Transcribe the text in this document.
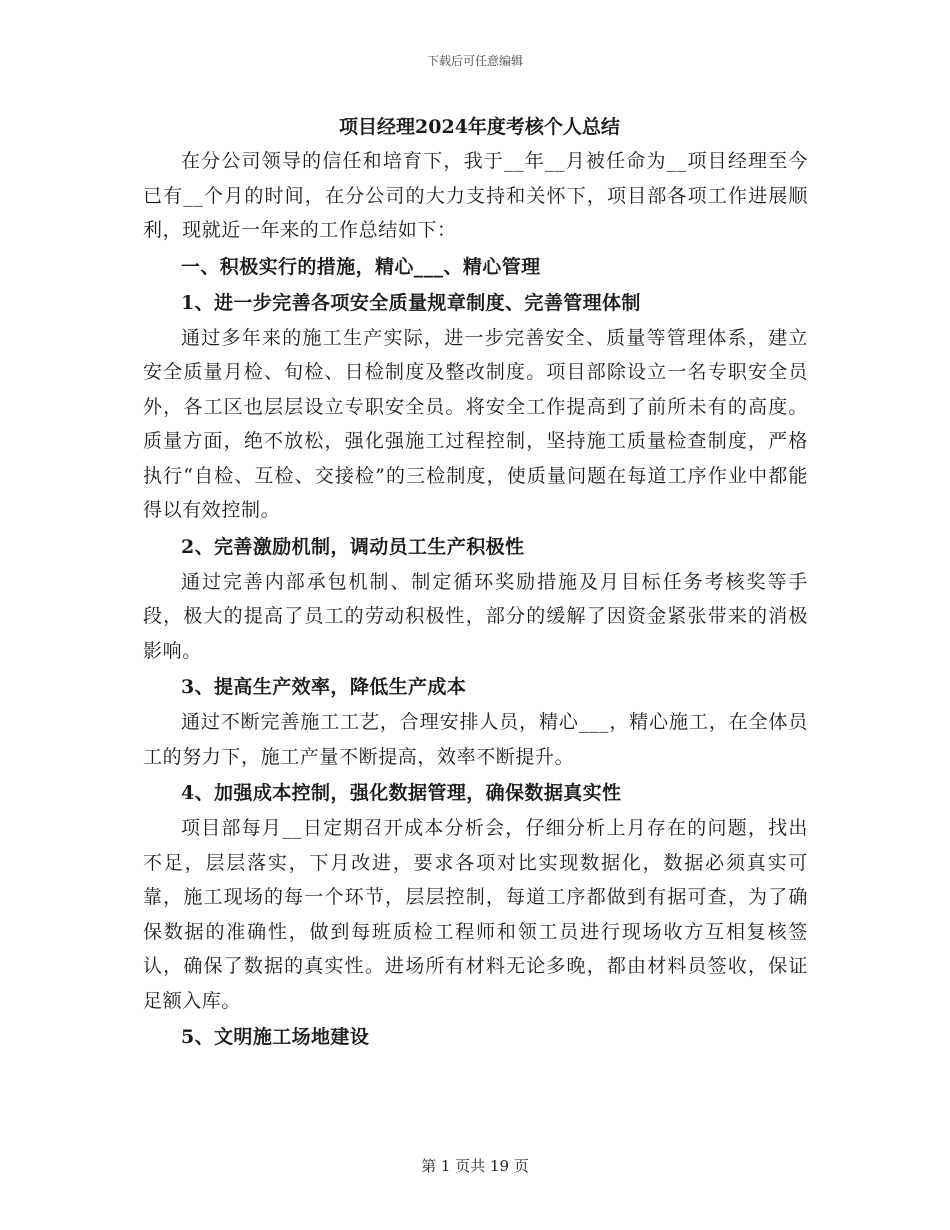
下载后可任意编辑
项目经理2024年度考核个人总结

在分公司领导的信任和培育下，我于__年__月被任命为__项目经理至今已有__个月的时间，在分公司的大力支持和关怀下，项目部各项工作进展顺利，现就近一年来的工作总结如下：

一、积极实行的措施，精心___、精心管理

1、进一步完善各项安全质量规章制度、完善管理体制

通过多年来的施工生产实际，进一步完善安全、质量等管理体系，建立安全质量月检、旬检、日检制度及整改制度。项目部除设立一名专职安全员外，各工区也层层设立专职安全员。将安全工作提高到了前所未有的高度。质量方面，绝不放松，强化强施工过程控制，坚持施工质量检查制度，严格执行“自检、互检、交接检”的三检制度，使质量问题在每道工序作业中都能得以有效控制。

2、完善激励机制，调动员工生产积极性

通过完善内部承包机制、制定循环奖励措施及月目标任务考核奖等手段，极大的提高了员工的劳动积极性，部分的缓解了因资金紧张带来的消极影响。

3、提高生产效率，降低生产成本

通过不断完善施工工艺，合理安排人员，精心___，精心施工，在全体员工的努力下，施工产量不断提高，效率不断提升。

4、加强成本控制，强化数据管理，确保数据真实性

项目部每月__日定期召开成本分析会，仔细分析上月存在的问题，找出不足，层层落实，下月改进，要求各项对比实现数据化，数据必须真实可靠，施工现场的每一个环节，层层控制，每道工序都做到有据可查，为了确保数据的准确性，做到每班质检工程师和领工员进行现场收方互相复核签认，确保了数据的真实性。进场所有材料无论多晚，都由材料员签收，保证足额入库。

5、文明施工场地建设

第 1 页共 19 页
